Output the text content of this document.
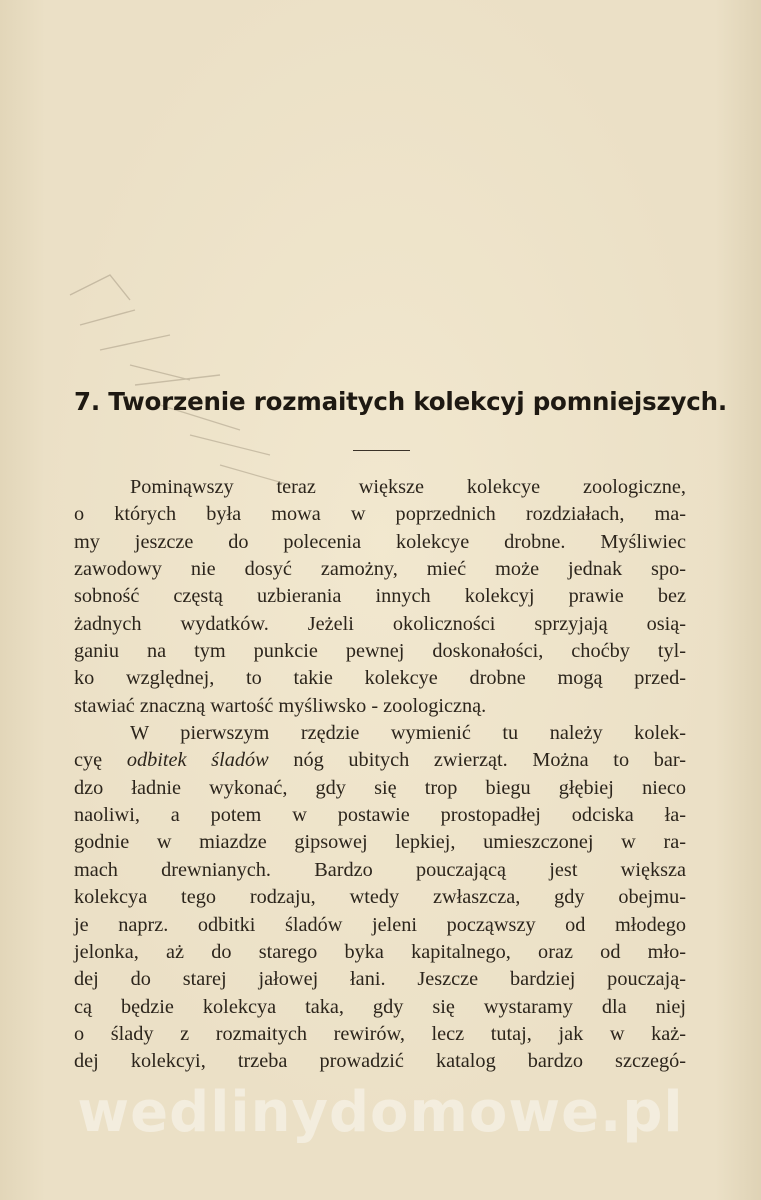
7. Tworzenie rozmaitych kolekcyj pomniejszych.
Pominąwszy teraz większe kolekcye zoologiczne,
o których była mowa w poprzednich rozdziałach, ma-
my jeszcze do polecenia kolekcye drobne. Myśliwiec
zawodowy nie dosyć zamożny, mieć może jednak spo-
sobność częstą uzbierania innych kolekcyj prawie bez
żadnych wydatków. Jeżeli okoliczności sprzyjają osią-
ganiu na tym punkcie pewnej doskonałości, choćby tyl-
ko względnej, to takie kolekcye drobne mogą przed-
stawiać znaczną wartość myśliwsko - zoologiczną.
W pierwszym rzędzie wymienić tu należy kolek-
cyę odbitek śladów nóg ubitych zwierząt. Można to bar-
dzo ładnie wykonać, gdy się trop biegu głębiej nieco
naoliwi, a potem w postawie prostopadłej odciska ła-
godnie w miazdze gipsowej lepkiej, umieszczonej w ra-
mach drewnianych. Bardzo pouczającą jest większa
kolekcya tego rodzaju, wtedy zwłaszcza, gdy obejmu-
je naprz. odbitki śladów jeleni począwszy od młodego
jelonka, aż do starego byka kapitalnego, oraz od mło-
dej do starej jałowej łani. Jeszcze bardziej pouczają-
cą będzie kolekcya taka, gdy się wystaramy dla niej
o ślady z rozmaitych rewirów, lecz tutaj, jak w każ-
dej kolekcyi, trzeba prowadzić katalog bardzo szczegó-
wedlinydomowe.pl
